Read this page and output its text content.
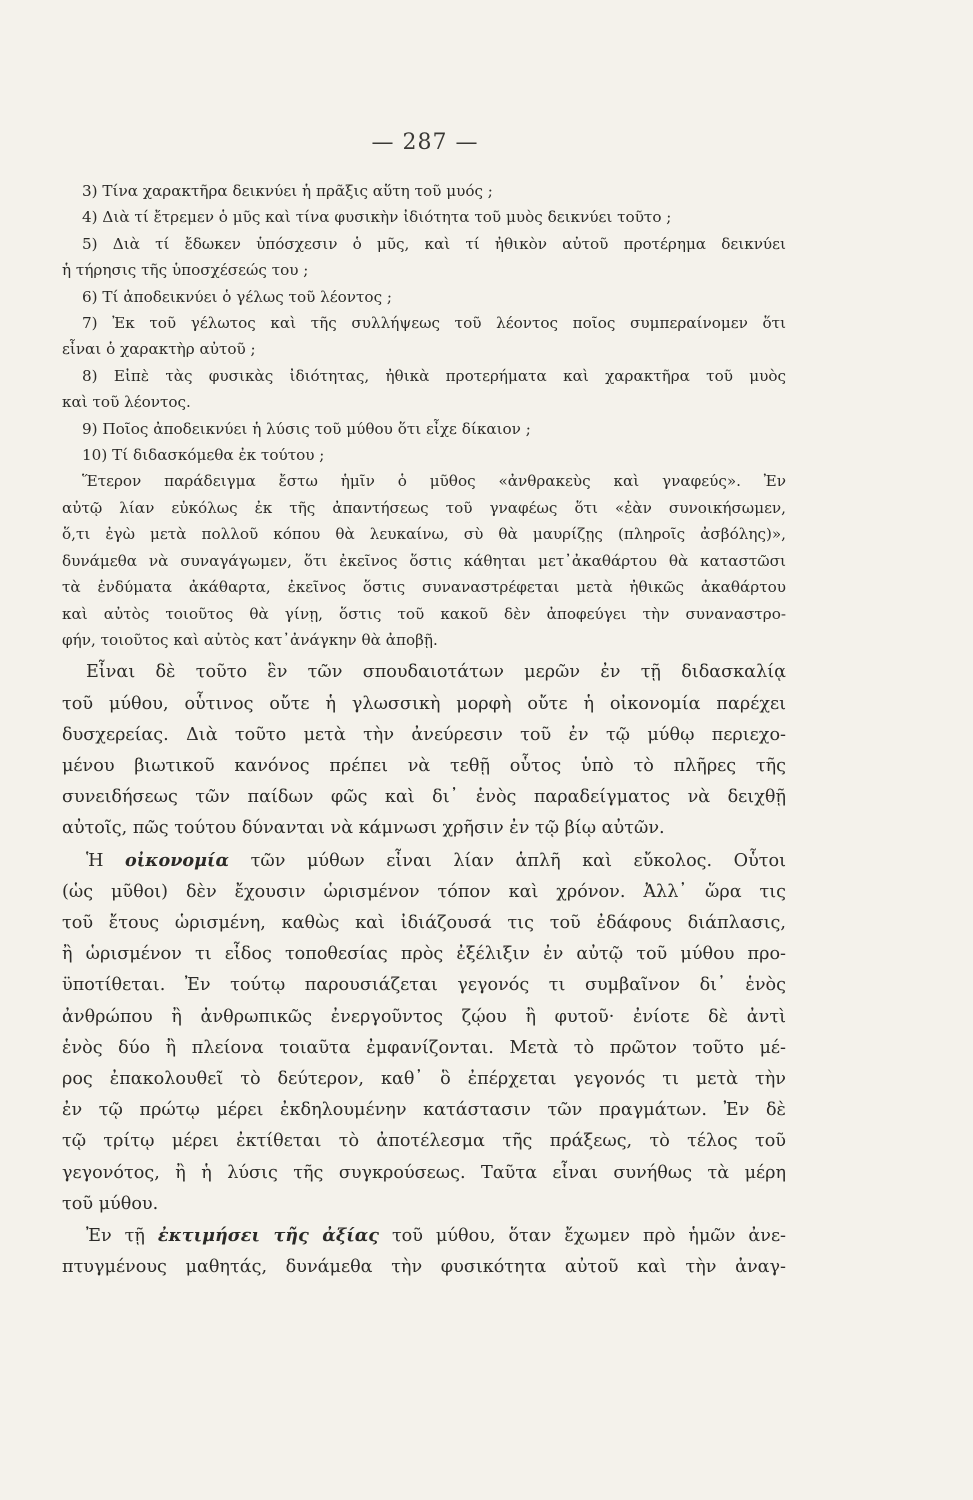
— 287 —
3) Τίνα χαρακτῆρα δεικνύει ἡ πρᾶξις αὕτη τοῦ μυός ;
4) Διὰ τί ἔτρεμεν ὁ μῦς καὶ τίνα φυσικὴν ἰδιότητα τοῦ μυὸς δεικνύει τοῦτο ;
5) Διὰ τί ἔδωκεν ὑπόσχεσιν ὁ μῦς, καὶ τί ἠθικὸν αὐτοῦ προτέρημα δεικνύει
ἡ τήρησις τῆς ὑποσχέσεώς του ;
6) Τί ἀποδεικνύει ὁ γέλως τοῦ λέοντος ;
7) Ἐκ τοῦ γέλωτος καὶ τῆς συλλήψεως τοῦ λέοντος ποῖος συμπεραίνομεν ὅτι
εἶναι ὁ χαρακτὴρ αὐτοῦ ;
8) Εἰπὲ τὰς φυσικὰς ἰδιότητας, ἠθικὰ προτερήματα καὶ χαρακτῆρα τοῦ μυὸς
καὶ τοῦ λέοντος.
9) Ποῖος ἀποδεικνύει ἡ λύσις τοῦ μύθου ὅτι εἶχε δίκαιον ;
10) Τί διδασκόμεθα ἐκ τούτου ;
Ἕτερον παράδειγμα ἔστω ἡμῖν ὁ μῦθος «ἀνθρακεὺς καὶ γναφεύς». Ἐν
αὐτῷ λίαν εὐκόλως ἐκ τῆς ἀπαντήσεως τοῦ γναφέως ὅτι «ἐὰν συνοικήσωμεν,
ὅ,τι ἐγὼ μετὰ πολλοῦ κόπου θὰ λευκαίνω, σὺ θὰ μαυρίζῃς (πληροῖς ἀσβόλης)»,
δυνάμεθα νὰ συναγάγωμεν, ὅτι ἐκεῖνος ὅστις κάθηται μετ᾽ἀκαθάρτου θὰ καταστῶσι
τὰ ἐνδύματα ἀκάθαρτα, ἐκεῖνος ὅστις συναναστρέφεται μετὰ ἠθικῶς ἀκαθάρτου
καὶ αὐτὸς τοιοῦτος θὰ γίνῃ, ὅστις τοῦ κακοῦ δὲν ἀποφεύγει τὴν συναναστρο-
φήν, τοιοῦτος καὶ αὐτὸς κατ᾽ἀνάγκην θὰ ἀποβῇ.
Εἶναι δὲ τοῦτο ἓν τῶν σπουδαιοτάτων μερῶν ἐν τῇ διδασκαλίᾳ
τοῦ μύθου, οὗτινος οὔτε ἡ γλωσσικὴ μορφὴ οὔτε ἡ οἰκονομία παρέχει
δυσχερείας. Διὰ τοῦτο μετὰ τὴν ἀνεύρεσιν τοῦ ἐν τῷ μύθῳ περιεχο-
μένου βιωτικοῦ κανόνος πρέπει νὰ τεθῇ οὗτος ὑπὸ τὸ πλῆρες τῆς
συνειδήσεως τῶν παίδων φῶς καὶ δι᾽ ἑνὸς παραδείγματος νὰ δειχθῇ
αὐτοῖς, πῶς τούτου δύνανται νὰ κάμνωσι χρῆσιν ἐν τῷ βίῳ αὐτῶν.
Ἡ οἰκονομία τῶν μύθων εἶναι λίαν ἁπλῆ καὶ εὔκολος. Οὗτοι
(ὡς μῦθοι) δὲν ἔχουσιν ὡρισμένον τόπον καὶ χρόνον. Ἀλλ᾽ ὥρα τις
τοῦ ἔτους ὡρισμένη, καθὼς καὶ ἰδιάζουσά τις τοῦ ἐδάφους διάπλασις,
ἢ ὡρισμένον τι εἶδος τοποθεσίας πρὸς ἐξέλιξιν ἐν αὐτῷ τοῦ μύθου προ-
ϋποτίθεται. Ἐν τούτῳ παρουσιάζεται γεγονός τι συμβαῖνον δι᾽ ἑνὸς
ἀνθρώπου ἢ ἀνθρωπικῶς ἐνεργοῦντος ζῴου ἢ φυτοῦ· ἐνίοτε δὲ ἀντὶ
ἑνὸς δύο ἢ πλείονα τοιαῦτα ἐμφανίζονται. Μετὰ τὸ πρῶτον τοῦτο μέ-
ρος ἐπακολουθεῖ τὸ δεύτερον, καθ᾽ ὃ ἐπέρχεται γεγονός τι μετὰ τὴν
ἐν τῷ πρώτῳ μέρει ἐκδηλουμένην κατάστασιν τῶν πραγμάτων. Ἐν δὲ
τῷ τρίτῳ μέρει ἐκτίθεται τὸ ἀποτέλεσμα τῆς πράξεως, τὸ τέλος τοῦ
γεγονότος, ἢ ἡ λύσις τῆς συγκρούσεως. Ταῦτα εἶναι συνήθως τὰ μέρη
τοῦ μύθου.
Ἐν τῇ ἐκτιμήσει τῆς ἀξίας τοῦ μύθου, ὅταν ἔχωμεν πρὸ ἡμῶν ἀνε-
πτυγμένους μαθητάς, δυνάμεθα τὴν φυσικότητα αὐτοῦ καὶ τὴν ἀναγ-
